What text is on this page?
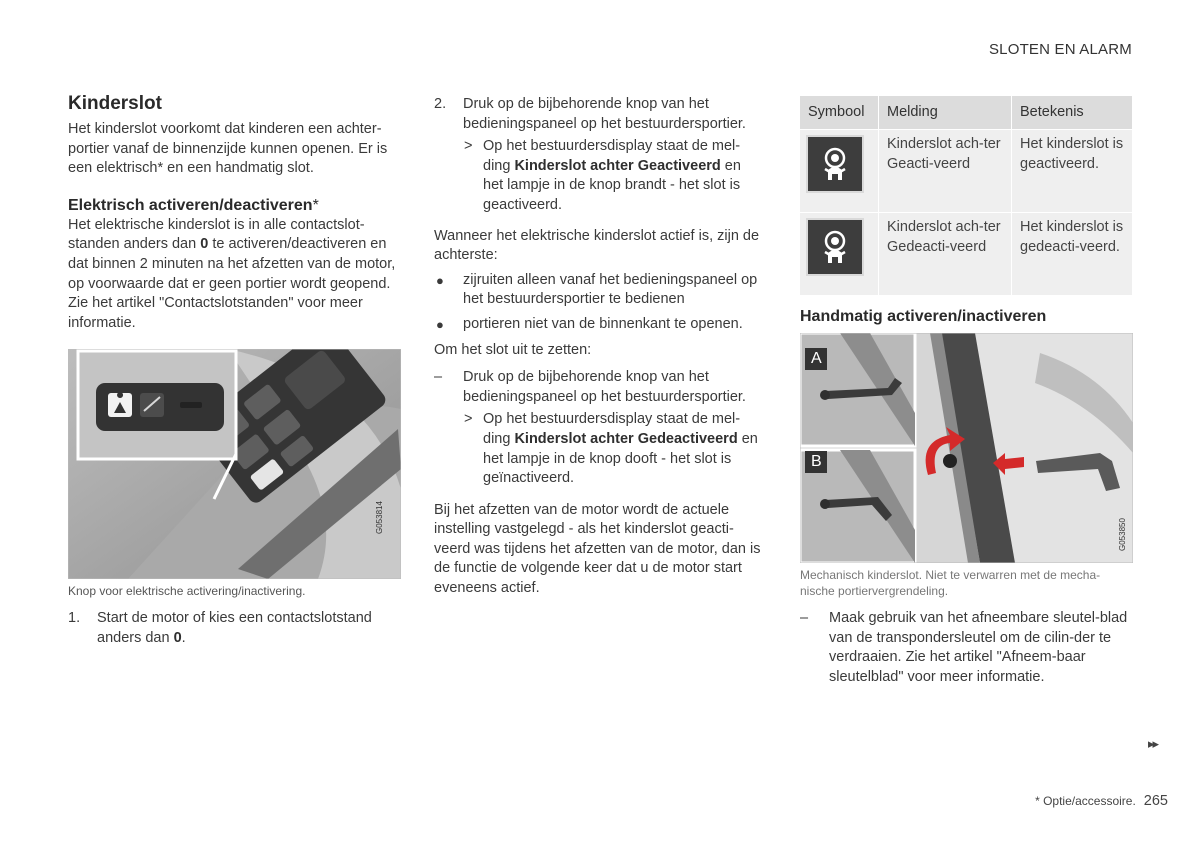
SLOTEN EN ALARM
Kinderslot

Het kinderslot voorkomt dat kinderen een achter-portier vanaf de binnenzijde kunnen openen. Er is een elektrisch* en een handmatig slot.

Elektrisch activeren/deactiveren*

Het elektrische kinderslot is in alle contactslot-standen anders dan 0 te activeren/deactiveren en dat binnen 2 minuten na het afzetten van de motor, op voorwaarde dat er geen portier wordt geopend. Zie het artikel "Contactslotstanden" voor meer informatie.

G053814

Knop voor elektrische activering/inactivering.

1. Start de motor of kies een contactslotstand anders dan 0.
2. Druk op de bijbehorende knop van het bedieningspaneel op het bestuurdersportier.
> Op het bestuurdersdisplay staat de mel-ding Kinderslot achter Geactiveerd en het lampje in de knop brandt - het slot is geactiveerd.

Wanneer het elektrische kinderslot actief is, zijn de achterste:

● zijruiten alleen vanaf het bedieningspaneel op het bestuurdersportier te bedienen
● portieren niet van de binnenkant te openen.

Om het slot uit te zetten:

– Druk op de bijbehorende knop van het bedieningspaneel op het bestuurdersportier.
> Op het bestuurdersdisplay staat de mel-ding Kinderslot achter Gedeactiveerd en het lampje in de knop dooft - het slot is geïnactiveerd.

Bij het afzetten van de motor wordt de actuele instelling vastgelegd - als het kinderslot geacti-veerd was tijdens het afzetten van de motor, dan is de functie de volgende keer dat u de motor start eveneens actief.

Symbool	Melding	Betekenis

	Kinderslot ach-ter Geacti-veerd	Het kinderslot is geactiveerd.

	Kinderslot ach-ter Gedeacti-veerd	Het kinderslot is gedeacti-veerd.
Handmatig activeren/inactiveren
A
B
G053850

Mechanisch kinderslot. Niet te verwarren met de mecha-nische portiervergrendeling.

– Maak gebruik van het afneembare sleutel-blad van de transpondersleutel om de cilin-der te verdraaien. Zie het artikel "Afneem-baar sleutelblad" voor meer informatie.
▸▸
* Optie/accessoire. 265
